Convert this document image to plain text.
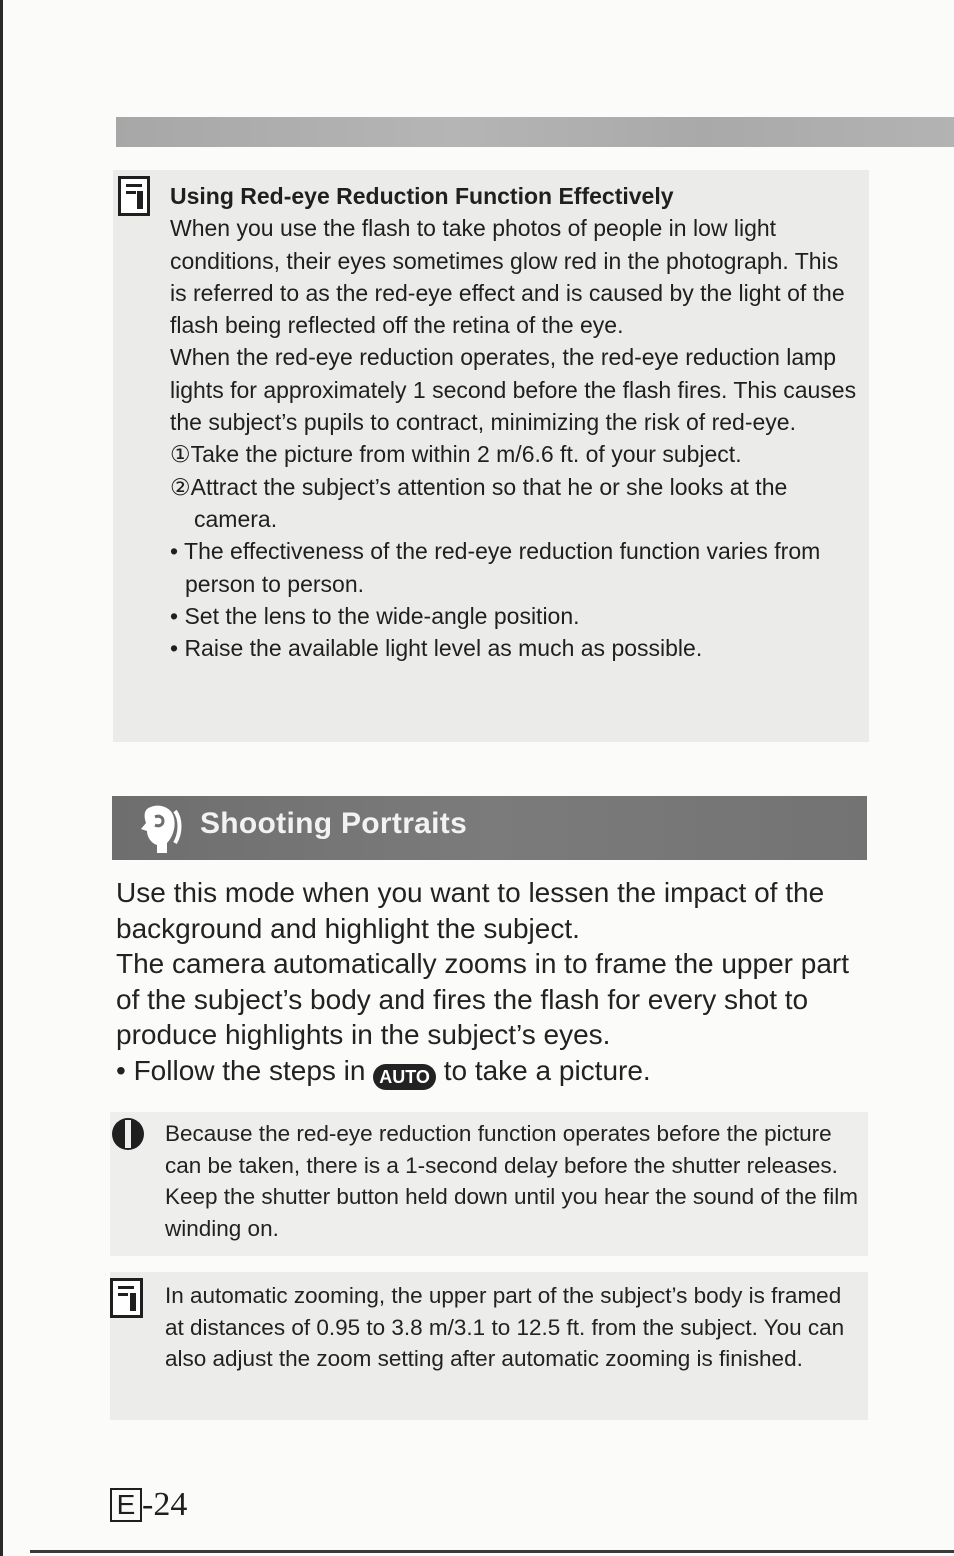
Using Red-eye Reduction Function Effectively

When you use the flash to take photos of people in low light conditions, their eyes sometimes glow red in the photograph. This is referred to as the red-eye effect and is caused by the light of the flash being reflected off the retina of the eye.

When the red-eye reduction operates, the red-eye reduction lamp lights for approximately 1 second before the flash fires. This causes the subject’s pupils to contract, minimizing the risk of red-eye.

①Take the picture from within 2 m/6.6 ft. of your subject.

②Attract the subject’s attention so that he or she looks at the camera.

• The effectiveness of the red-eye reduction function varies from person to person.

• Set the lens to the wide-angle position.

• Raise the available light level as much as possible.

Shooting Portraits

Use this mode when you want to lessen the impact of the background and highlight the subject.

The camera automatically zooms in to frame the upper part of the subject’s body and fires the flash for every shot to produce highlights in the subject’s eyes.

• Follow the steps in AUTO to take a picture.

Because the red-eye reduction function operates before the picture can be taken, there is a 1-second delay before the shutter releases. Keep the shutter button held down until you hear the sound of the film winding on.
In automatic zooming, the upper part of the subject’s body is framed at distances of 0.95 to 3.8 m/3.1 to 12.5 ft. from the subject. You can also adjust the zoom setting after automatic zooming is finished.
E -24
